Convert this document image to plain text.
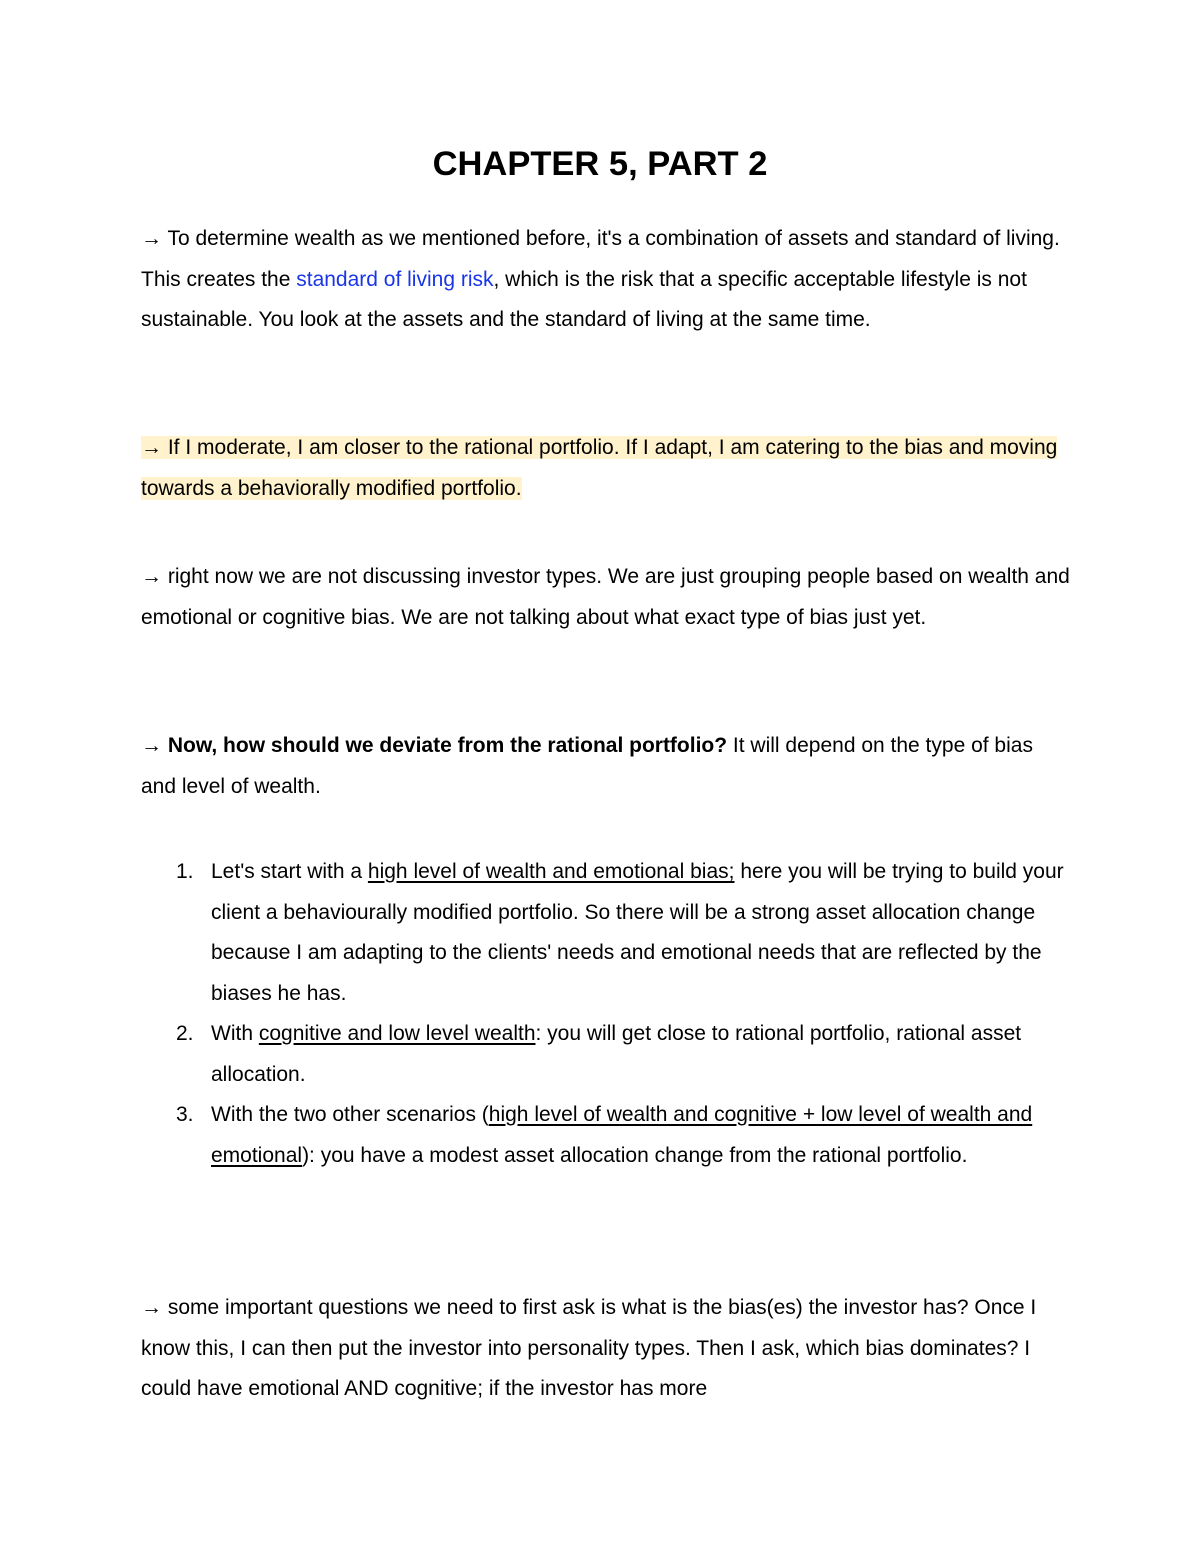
CHAPTER 5, PART 2

→ To determine wealth as we mentioned before, it's a combination of assets and standard of living. This creates the standard of living risk, which is the risk that a specific acceptable lifestyle is not sustainable. You look at the assets and the standard of living at the same time.

→ If I moderate, I am closer to the rational portfolio. If I adapt, I am catering to the bias and moving towards a behaviorally modified portfolio.

→ right now we are not discussing investor types. We are just grouping people based on wealth and emotional or cognitive bias. We are not talking about what exact type of bias just yet.

→ Now, how should we deviate from the rational portfolio? It will depend on the type of bias and level of wealth.

1. Let's start with a high level of wealth and emotional bias; here you will be trying to build your client a behaviourally modified portfolio. So there will be a strong asset allocation change because I am adapting to the clients' needs and emotional needs that are reflected by the biases he has.
2. With cognitive and low level wealth: you will get close to rational portfolio, rational asset allocation.
3. With the two other scenarios (high level of wealth and cognitive + low level of wealth and emotional): you have a modest asset allocation change from the rational portfolio.

→ some important questions we need to first ask is what is the bias(es) the investor has? Once I know this, I can then put the investor into personality types. Then I ask, which bias dominates? I could have emotional AND cognitive; if the investor has more
